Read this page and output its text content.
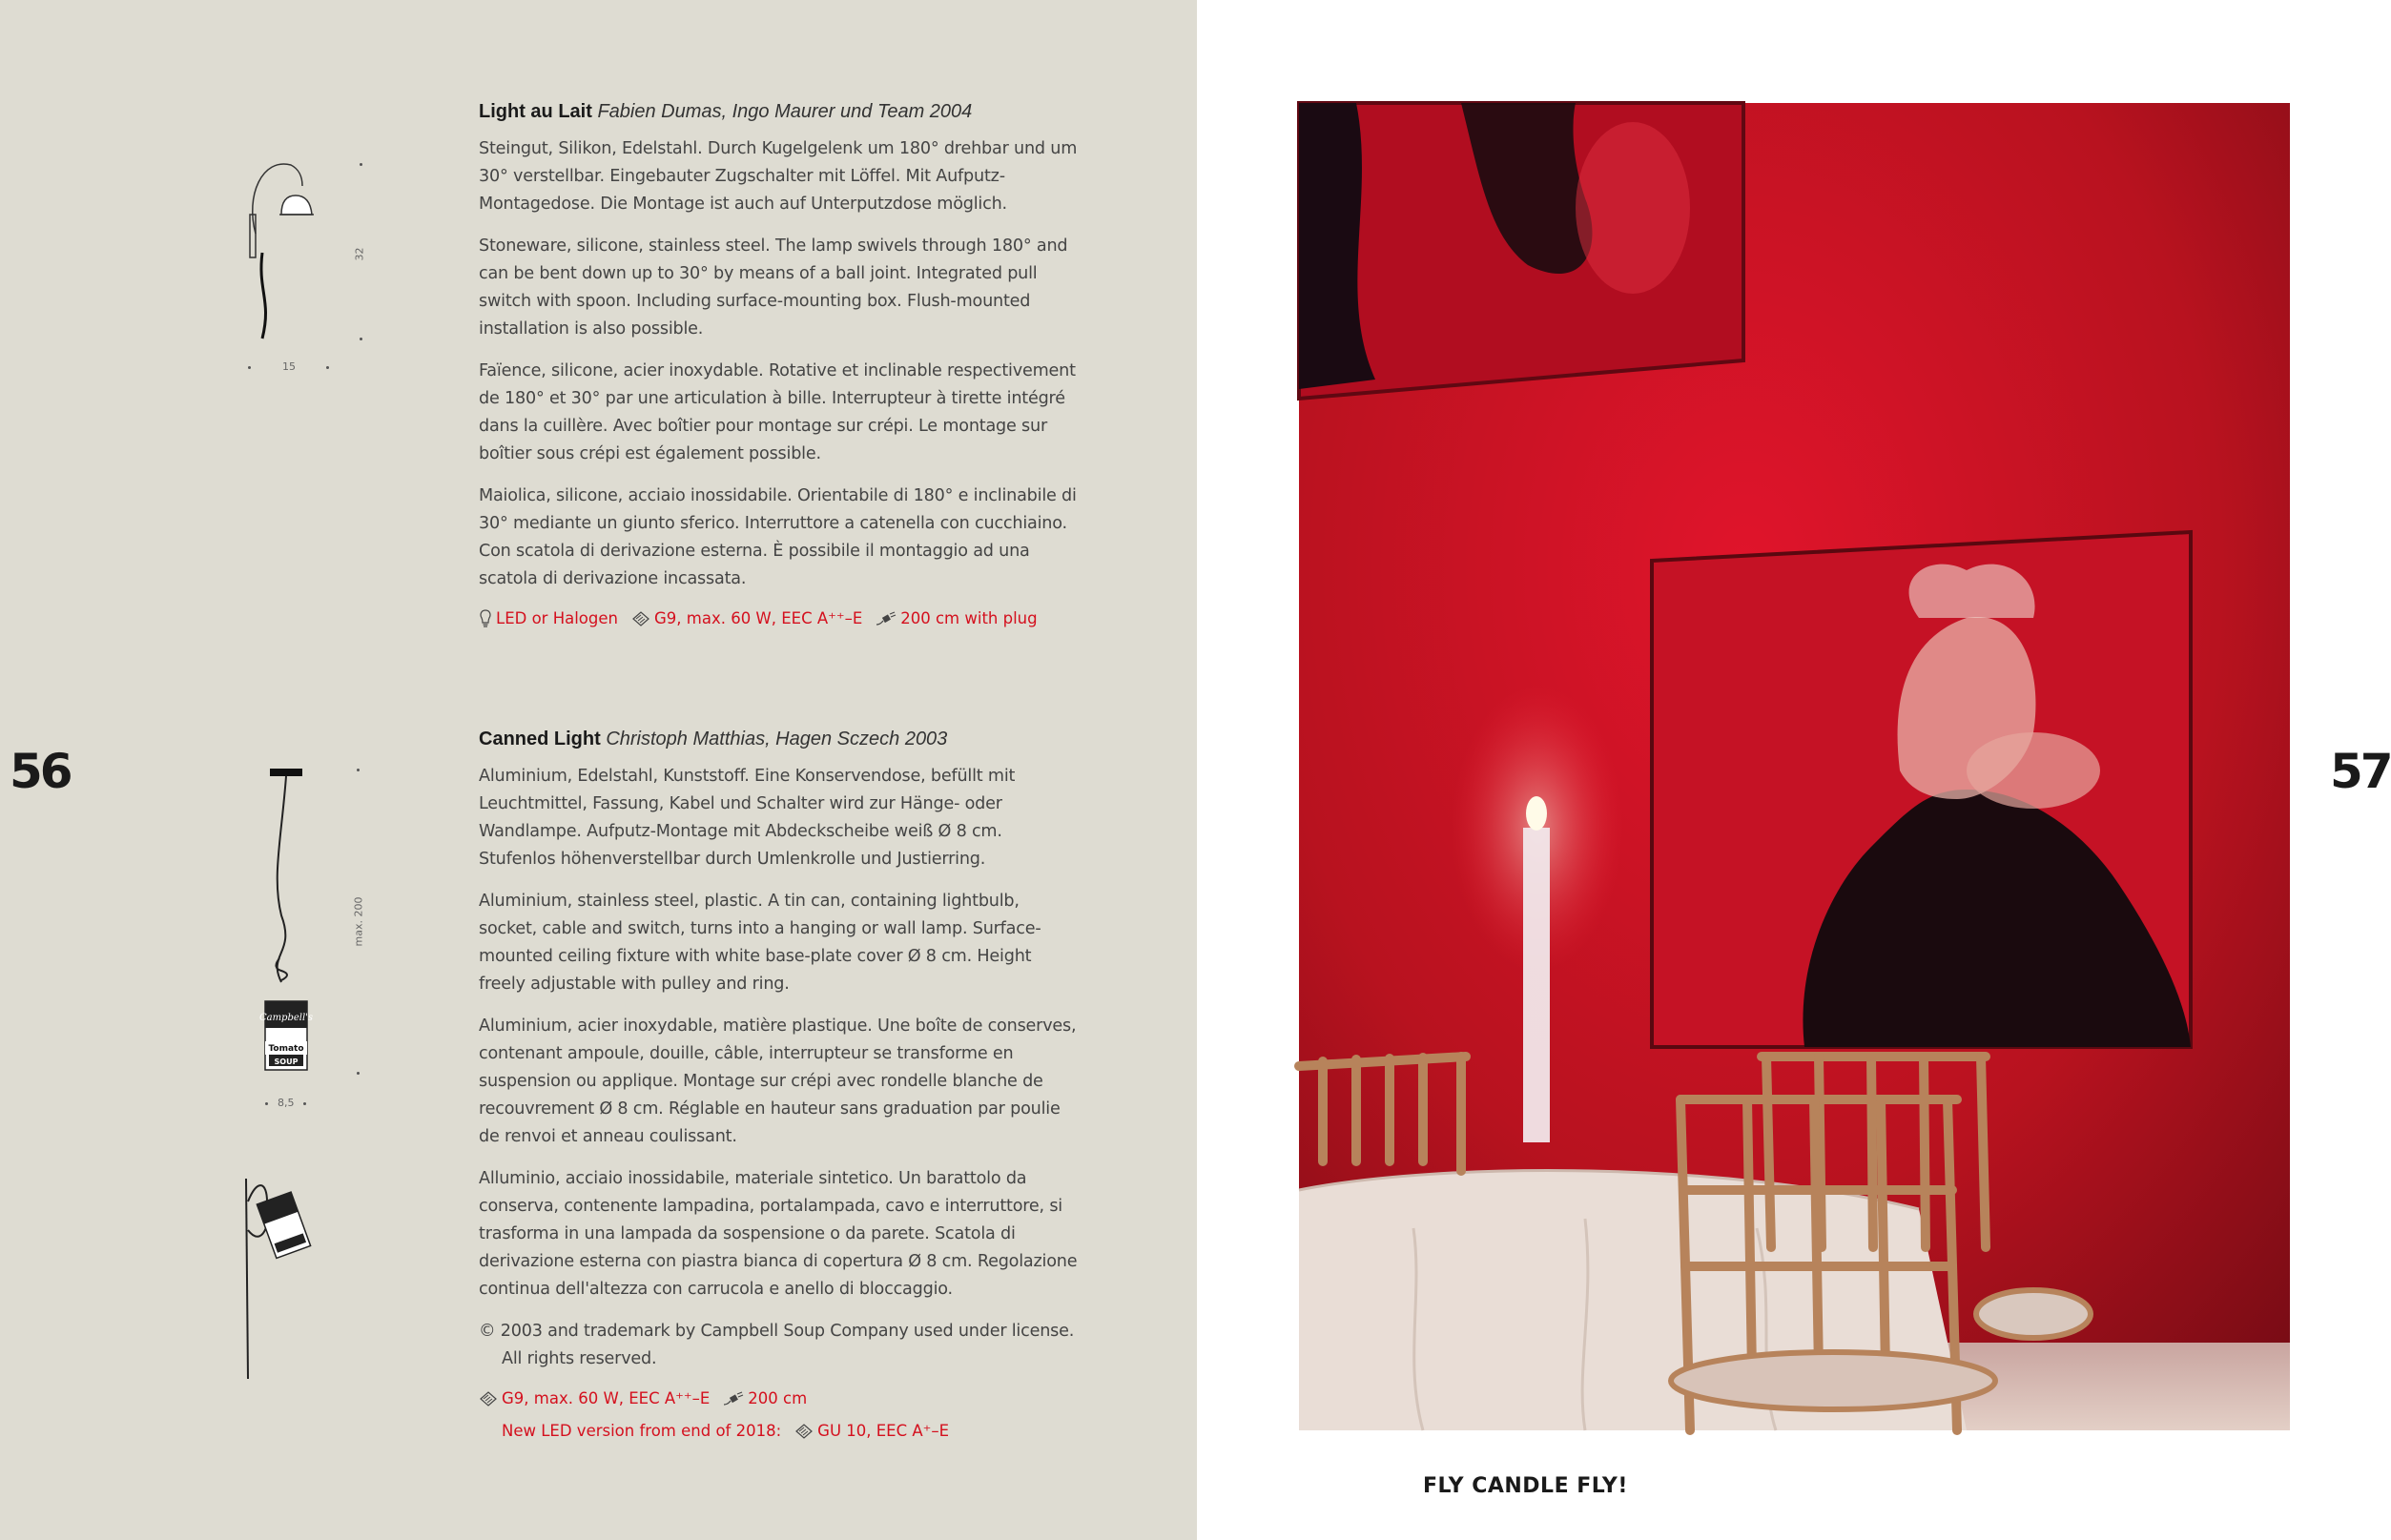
56	57
32
15
Campbell's
Tomato
SOUP
max. 200
8,5
Light au Lait Fabien Dumas, Ingo Maurer und Team 2004

Steingut, Silikon, Edelstahl. Durch Kugelgelenk um 180° drehbar und um 30° verstellbar. Eingebauter Zugschalter mit Löffel. Mit Aufputz-Montagedose. Die Montage ist auch auf Unterputzdose möglich.

Stoneware, silicone, stainless steel. The lamp swivels through 180° and can be bent down up to 30° by means of a ball joint. Integrated pull switch with spoon. Including surface-mounting box. Flush-mounted installation is also possible.

Faïence, silicone, acier inoxydable. Rotative et inclinable respectivement de 180° et 30° par une articulation à bille. Interrupteur à tirette intégré dans la cuillère. Avec boîtier pour montage sur crépi. Le montage sur boîtier sous crépi est également possible.

Maiolica, silicone, acciaio inossidabile. Orientabile di 180° e inclinabile di 30° mediante un giunto sferico. Interruttore a catenella con cucchiaino. Con scatola di derivazione esterna. È possibile il montaggio ad una scatola di derivazione incassata.

LED or Halogen G9, max. 60 W, EEC A⁺⁺–E 200 cm with plug
Canned Light Christoph Matthias, Hagen Sczech 2003

Aluminium, Edelstahl, Kunststoff. Eine Konservendose, befüllt mit Leuchtmittel, Fassung, Kabel und Schalter wird zur Hänge- oder Wandlampe. Aufputz-Montage mit Abdeckscheibe weiß Ø 8 cm. Stufenlos höhenverstellbar durch Umlenkrolle und Justierring.

Aluminium, stainless steel, plastic. A tin can, containing lightbulb, socket, cable and switch, turns into a hanging or wall lamp. Surface-mounted ceiling fixture with white base-plate cover Ø 8 cm. Height freely adjustable with pulley and ring.

Aluminium, acier inoxydable, matière plastique. Une boîte de conserves, contenant ampoule, douille, câble, interrupteur se transforme en suspension ou applique. Montage sur crépi avec rondelle blanche de recouvrement Ø 8 cm. Réglable en hauteur sans graduation par poulie de renvoi et anneau coulissant.

Alluminio, acciaio inossidabile, materiale sintetico. Un barattolo da conserva, contenente lampadina, portalampada, cavo e interruttore, si trasforma in una lampada da sospensione o da parete. Scatola di derivazione esterna con piastra bianca di copertura Ø 8 cm. Regolazione continua dell'altezza con carrucola e anello di bloccaggio.

© 2003 and trademark by Campbell Soup Company used under license. All rights reserved.

G9, max. 60 W, EEC A⁺⁺–E 200 cm
New LED version from end of 2018: GU 10, EEC A⁺–E
FLY CANDLE FLY!
